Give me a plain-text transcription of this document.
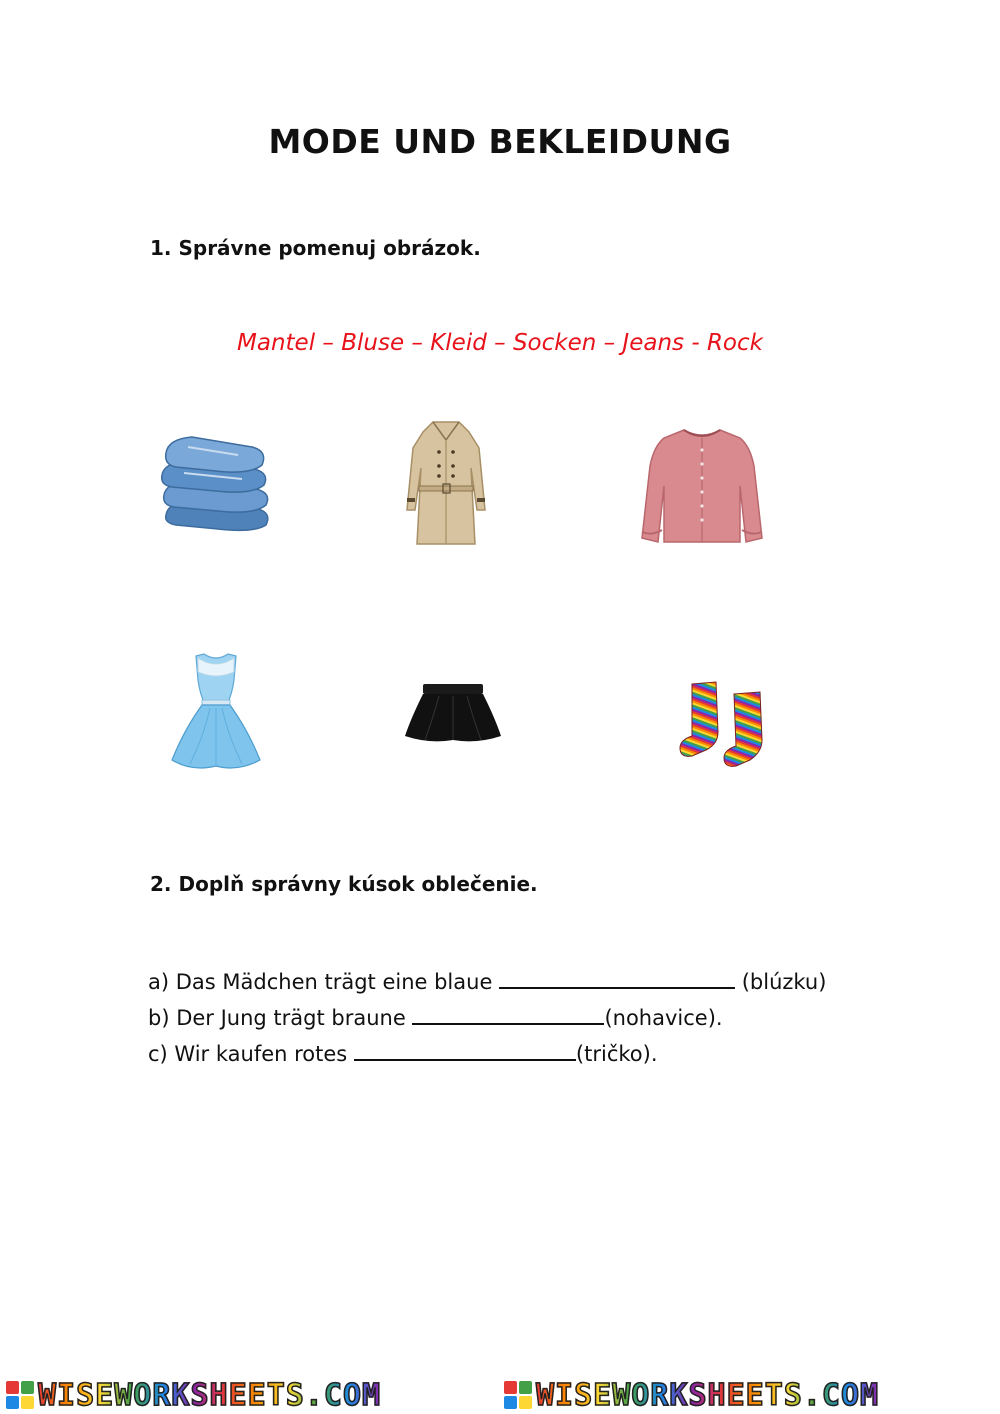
MODE UND BEKLEIDUNG
1. Správne pomenuj obrázok.
Mantel – Bluse – Kleid – Socken – Jeans - Rock
2. Doplň správny kúsok oblečenie.
a) Das Mädchen trägt eine blaue	(blúzku)
b) Der Jung trägt braune	(nohavice).
c) Wir kaufen rotes	(tričko).
WISEWORKSHEETS.COM	WISEWORKSHEETS.COM
